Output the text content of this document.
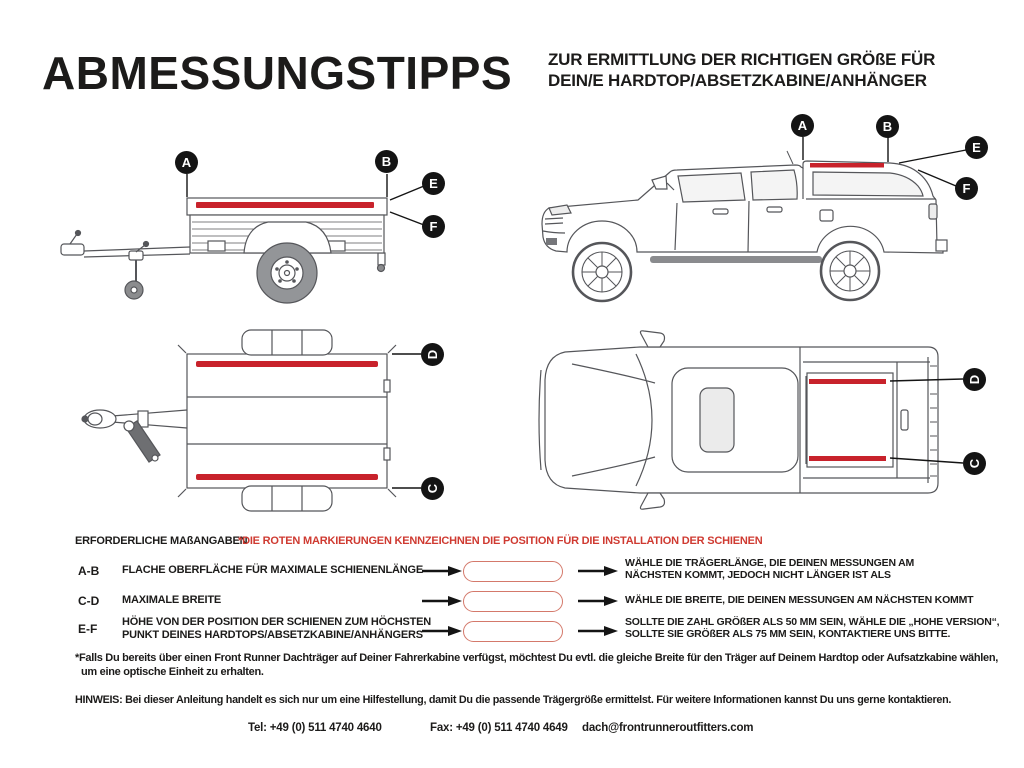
ABMESSUNGSTIPPS ZUR ERMITTLUNG DER RICHTIGEN GRÖßE FÜR
DEIN/E HARDTOP/ABSETZKABINE/ANHÄNGER
A	B
E
F
A	B
E
F
D
C
D
C
ERFORDERLICHE MAßANGABEN
*DIE ROTEN MARKIERUNGEN KENNZEICHNEN DIE POSITION FÜR DIE INSTALLATION DER SCHIENEN
A-B FLACHE OBERFLÄCHE FÜR MAXIMALE SCHIENENLÄNGE
WÄHLE DIE TRÄGERLÄNGE, DIE DEINEN MESSUNGEN AM NÄCHSTEN KOMMT, JEDOCH NICHT LÄNGER IST ALS
C-D MAXIMALE BREITE	WÄHLE DIE BREITE, DIE DEINEN MESSUNGEN AM NÄCHSTEN KOMMT
E-F HÖHE VON DER POSITION DER SCHIENEN ZUM HÖCHSTEN PUNKT DEINES HARDTOPS/ABSETZKABINE/ANHÄNGERS
SOLLTE DIE ZAHL GRÖßER ALS 50 MM SEIN, WÄHLE DIE „HOHE VERSION“, SOLLTE SIE GRÖßER ALS 75 MM SEIN, KONTAKTIERE UNS BITTE.
*Falls Du bereits über einen Front Runner Dachträger auf Deiner Fahrerkabine verfügst, möchtest Du evtl. die gleiche Breite für den Träger auf Deinem Hardtop oder Aufsatzkabine wählen, um eine optische Einheit zu erhalten.
HINWEIS: Bei dieser Anleitung handelt es sich nur um eine Hilfestellung, damit Du die passende Trägergröße ermittelst. Für weitere Informationen kannst Du uns gerne kontaktieren.
Tel: +49 (0) 511 4740 4640	Fax: +49 (0) 511 4740 4649 dach@frontrunneroutfitters.com
